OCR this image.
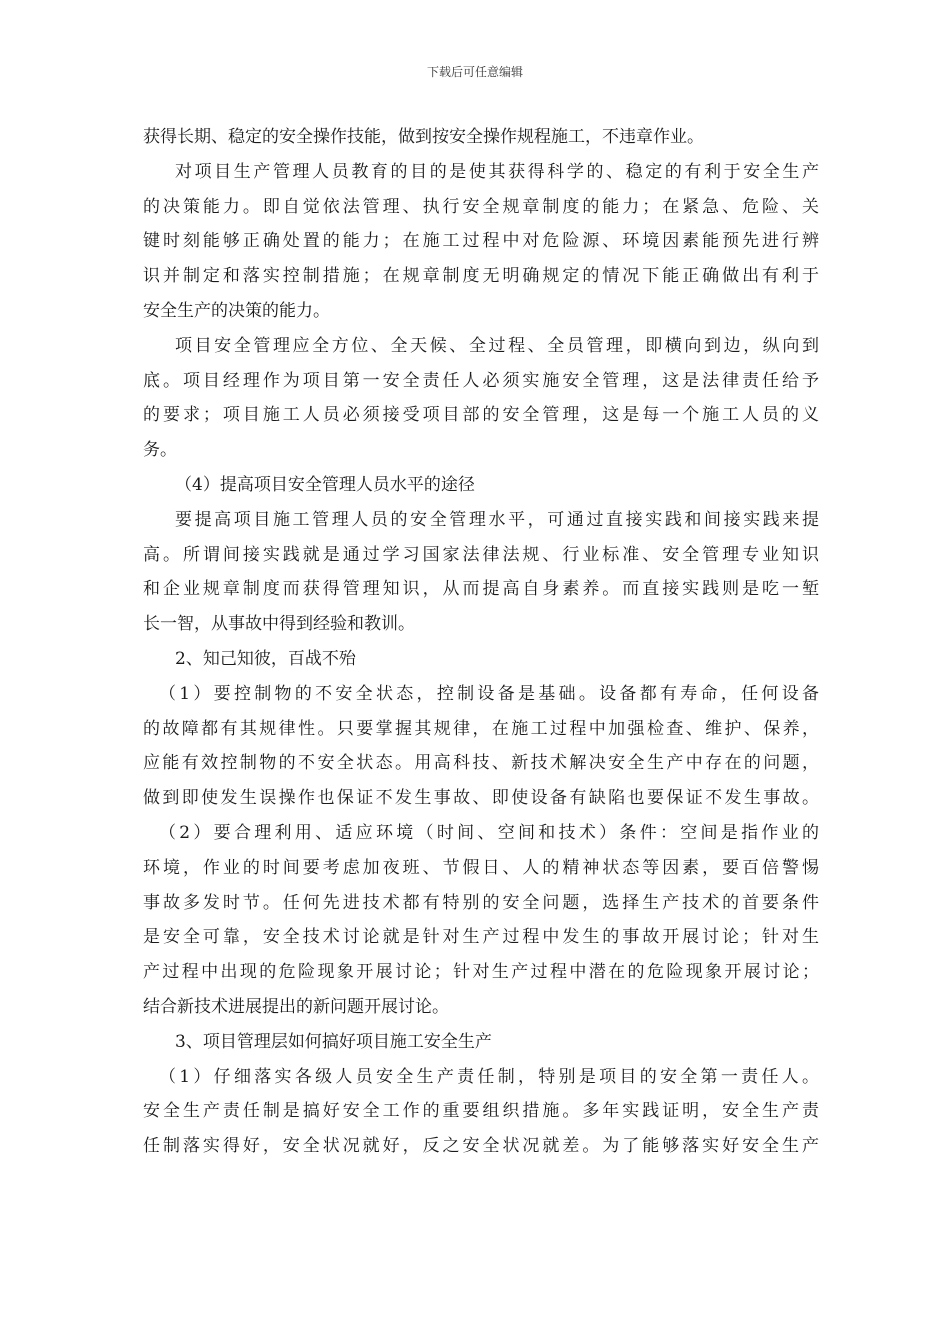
下载后可任意编辑
获得长期、稳定的安全操作技能，做到按安全操作规程施工，不违章作业。
对项目生产管理人员教育的目的是使其获得科学的、稳定的有利于安全生产
的决策能力。即自觉依法管理、执行安全规章制度的能力；在紧急、危险、关
键时刻能够正确处置的能力；在施工过程中对危险源、环境因素能预先进行辨
识并制定和落实控制措施；在规章制度无明确规定的情况下能正确做出有利于
安全生产的决策的能力。
项目安全管理应全方位、全天候、全过程、全员管理，即横向到边，纵向到
底。项目经理作为项目第一安全责任人必须实施安全管理，这是法律责任给予
的要求；项目施工人员必须接受项目部的安全管理，这是每一个施工人员的义
务。
（4）提高项目安全管理人员水平的途径
要提高项目施工管理人员的安全管理水平，可通过直接实践和间接实践来提
高。所谓间接实践就是通过学习国家法律法规、行业标准、安全管理专业知识
和企业规章制度而获得管理知识，从而提高自身素养。而直接实践则是吃一堑
长一智，从事故中得到经验和教训。
2、知己知彼，百战不殆
（1）要控制物的不安全状态，控制设备是基础。设备都有寿命，任何设备
的故障都有其规律性。只要掌握其规律，在施工过程中加强检查、维护、保养，
应能有效控制物的不安全状态。用高科技、新技术解决安全生产中存在的问题，
做到即使发生误操作也保证不发生事故、即使设备有缺陷也要保证不发生事故。
（2）要合理利用、适应环境（时间、空间和技术）条件：空间是指作业的
环境，作业的时间要考虑加夜班、节假日、人的精神状态等因素，要百倍警惕
事故多发时节。任何先进技术都有特别的安全问题，选择生产技术的首要条件
是安全可靠，安全技术讨论就是针对生产过程中发生的事故开展讨论；针对生
产过程中出现的危险现象开展讨论；针对生产过程中潜在的危险现象开展讨论；
结合新技术进展提出的新问题开展讨论。
3、项目管理层如何搞好项目施工安全生产
（1）仔细落实各级人员安全生产责任制，特别是项目的安全第一责任人。
安全生产责任制是搞好安全工作的重要组织措施。多年实践证明，安全生产责
任制落实得好，安全状况就好，反之安全状况就差。为了能够落实好安全生产
